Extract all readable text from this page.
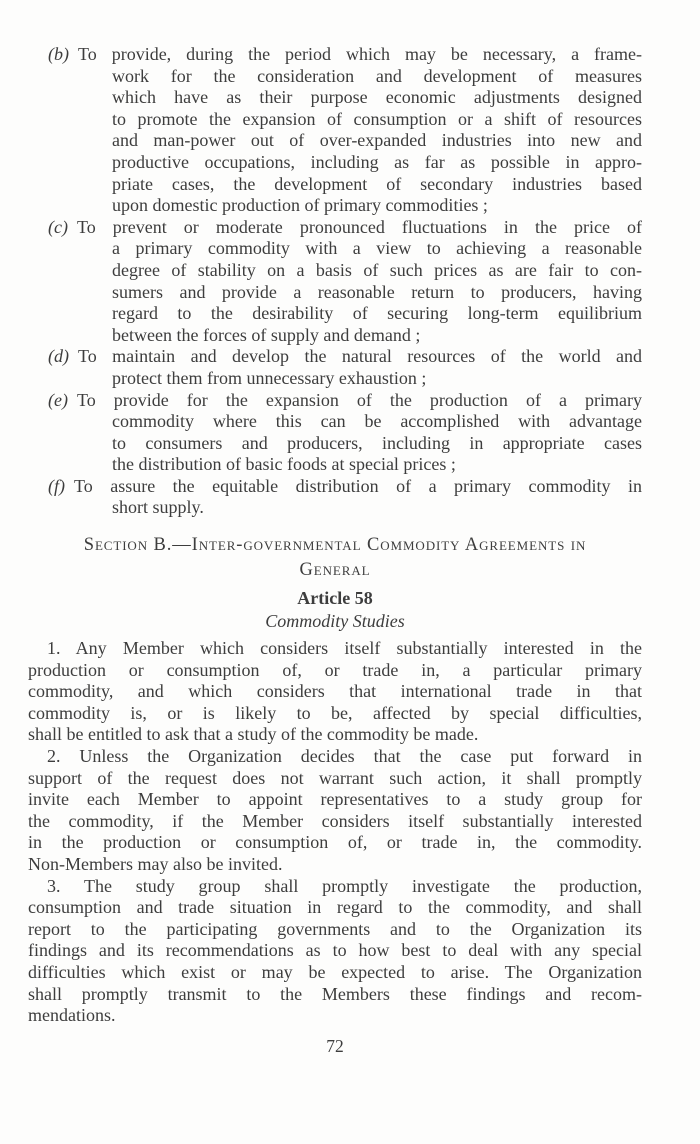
(b) To provide, during the period which may be necessary, a frame-
work for the consideration and development of measures
which have as their purpose economic adjustments designed
to promote the expansion of consumption or a shift of resources
and man-power out of over-expanded industries into new and
productive occupations, including as far as possible in appro-
priate cases, the development of secondary industries based
upon domestic production of primary commodities ;
(c) To prevent or moderate pronounced fluctuations in the price of
a primary commodity with a view to achieving a reasonable
degree of stability on a basis of such prices as are fair to con-
sumers and provide a reasonable return to producers, having
regard to the desirability of securing long-term equilibrium
between the forces of supply and demand ;
(d) To maintain and develop the natural resources of the world and
protect them from unnecessary exhaustion ;
(e) To provide for the expansion of the production of a primary
commodity where this can be accomplished with advantage
to consumers and producers, including in appropriate cases
the distribution of basic foods at special prices ;
(f) To assure the equitable distribution of a primary commodity in
short supply.
Section B.—Inter-governmental Commodity Agreements in
General
Article 58
Commodity Studies
1. Any Member which considers itself substantially interested in the
production or consumption of, or trade in, a particular primary
commodity, and which considers that international trade in that
commodity is, or is likely to be, affected by special difficulties,
shall be entitled to ask that a study of the commodity be made.
2. Unless the Organization decides that the case put forward in
support of the request does not warrant such action, it shall promptly
invite each Member to appoint representatives to a study group for
the commodity, if the Member considers itself substantially interested
in the production or consumption of, or trade in, the commodity.
Non-Members may also be invited.
3. The study group shall promptly investigate the production,
consumption and trade situation in regard to the commodity, and shall
report to the participating governments and to the Organization its
findings and its recommendations as to how best to deal with any special
difficulties which exist or may be expected to arise. The Organization
shall promptly transmit to the Members these findings and recom-
mendations.
72
